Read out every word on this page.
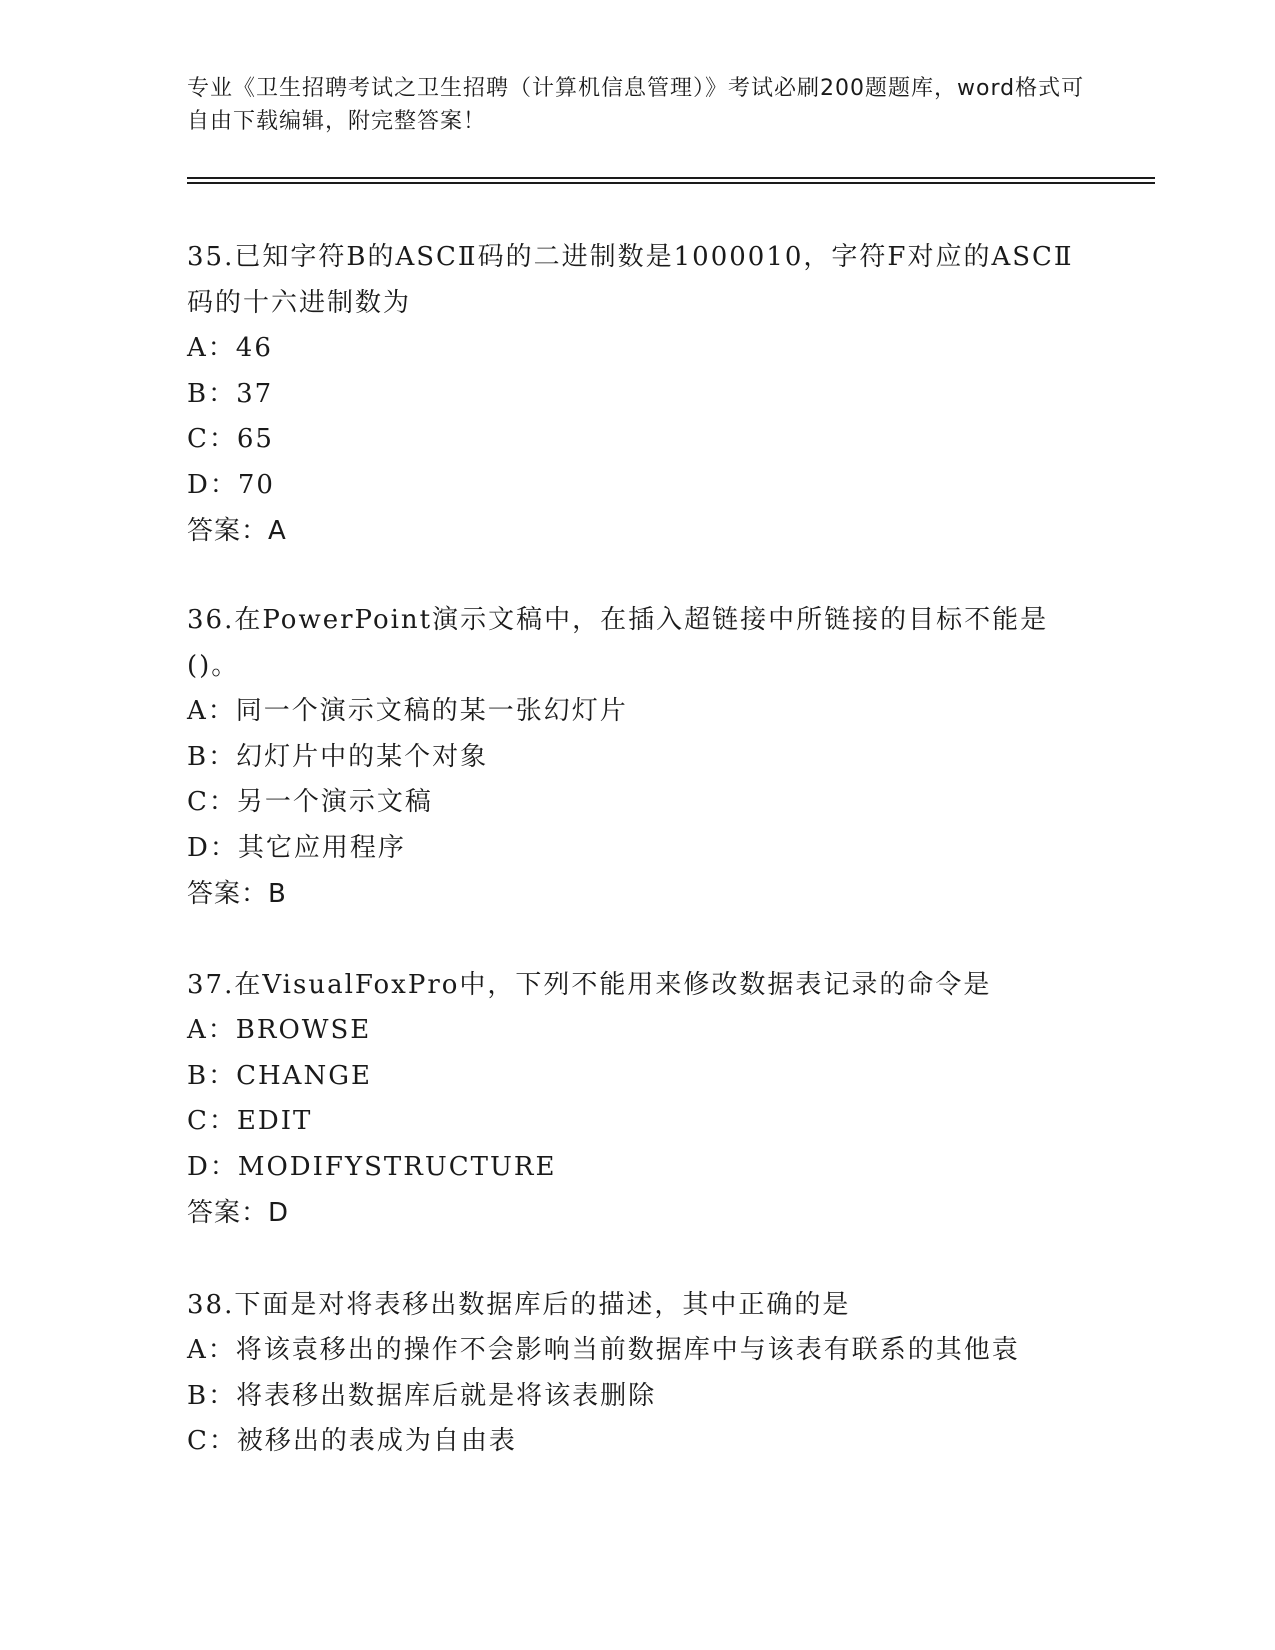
专业《卫生招聘考试之卫生招聘（计算机信息管理）》考试必刷200题题库，word格式可自由下载编辑，附完整答案！
35.已知字符B的ASCⅡ码的二进制数是1000010，字符F对应的ASCⅡ码的十六进制数为
A：46
B：37
C：65
D：70
答案：A
36.在PowerPoint演示文稿中，在插入超链接中所链接的目标不能是()。
A：同一个演示文稿的某一张幻灯片
B：幻灯片中的某个对象
C：另一个演示文稿
D：其它应用程序
答案：B
37.在VisualFoxPro中，下列不能用来修改数据表记录的命令是
A：BROWSE
B：CHANGE
C：EDIT
D：MODIFYSTRUCTURE
答案：D
38.下面是对将表移出数据库后的描述，其中正确的是
A：将该袁移出的操作不会影响当前数据库中与该表有联系的其他袁
B：将表移出数据库后就是将该表删除
C：被移出的表成为自由表
